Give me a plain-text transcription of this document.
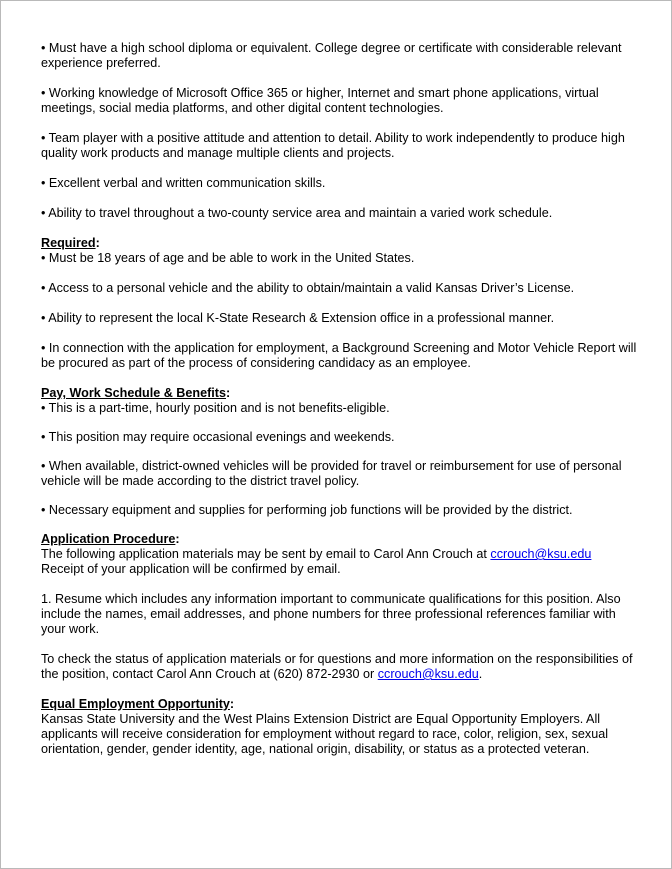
• Must have a high school diploma or equivalent. College degree or certificate with considerable relevant experience preferred.

• Working knowledge of Microsoft Office 365 or higher, Internet and smart phone applications, virtual meetings, social media platforms, and other digital content technologies.

• Team player with a positive attitude and attention to detail. Ability to work independently to produce high quality work products and manage multiple clients and projects.

• Excellent verbal and written communication skills.

• Ability to travel throughout a two-county service area and maintain a varied work schedule.

Required:

• Must be 18 years of age and be able to work in the United States.

• Access to a personal vehicle and the ability to obtain/maintain a valid Kansas Driver’s License.

• Ability to represent the local K-State Research & Extension office in a professional manner.

• In connection with the application for employment, a Background Screening and Motor Vehicle Report will be procured as part of the process of considering candidacy as an employee.

Pay, Work Schedule & Benefits:

• This is a part-time, hourly position and is not benefits-eligible.

• This position may require occasional evenings and weekends.

• When available, district-owned vehicles will be provided for travel or reimbursement for use of personal vehicle will be made according to the district travel policy.

• Necessary equipment and supplies for performing job functions will be provided by the district.

Application Procedure:

The following application materials may be sent by email to Carol Ann Crouch at ccrouch@ksu.edu
Receipt of your application will be confirmed by email.

1. Resume which includes any information important to communicate qualifications for this position. Also include the names, email addresses, and phone numbers for three professional references familiar with your work.

To check the status of application materials or for questions and more information on the responsibilities of the position, contact Carol Ann Crouch at (620) 872-2930 or ccrouch@ksu.edu.

Equal Employment Opportunity:

Kansas State University and the West Plains Extension District are Equal Opportunity Employers. All applicants will receive consideration for employment without regard to race, color, religion, sex, sexual orientation, gender, gender identity, age, national origin, disability, or status as a protected veteran.
